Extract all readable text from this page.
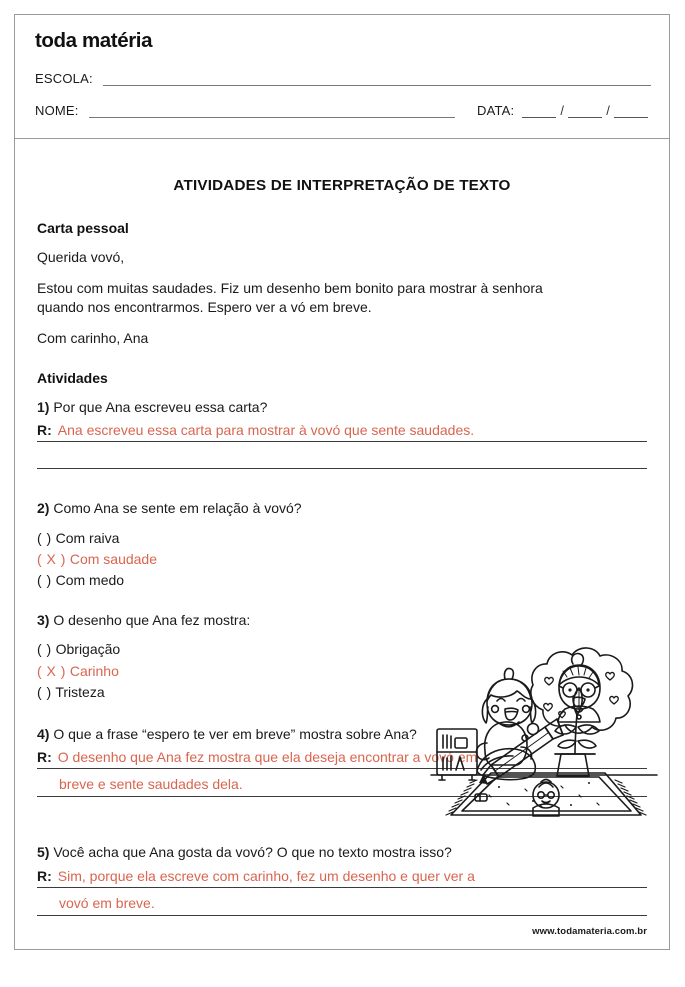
toda matéria
ESCOLA:
NOME:	DATA:	/	/
ATIVIDADES DE INTERPRETAÇÃO DE TEXTO
Carta pessoal
Querida vovó,
Estou com muitas saudades. Fiz um desenho bem bonito para mostrar à senhora quando nos encontrarmos. Espero ver a vó em breve.
Com carinho, Ana
Atividades
1) Por que Ana escreveu essa carta?
R: Ana escreveu essa carta para mostrar à vovó que sente saudades.
2) Como Ana se sente em relação à vovó?
( ) Com raiva
( X ) Com saudade
( ) Com medo
3) O desenho que Ana fez mostra:
( ) Obrigação
( X ) Carinho
( ) Tristeza
4) O que a frase “espero te ver em breve” mostra sobre Ana?
R: O desenho que Ana fez mostra que ela deseja encontrar a vovó em
breve e sente saudades dela.
5) Você acha que Ana gosta da vovó? O que no texto mostra isso?
R: Sim, porque ela escreve com carinho, fez um desenho e quer ver a
vovó em breve.
www.todamateria.com.br
